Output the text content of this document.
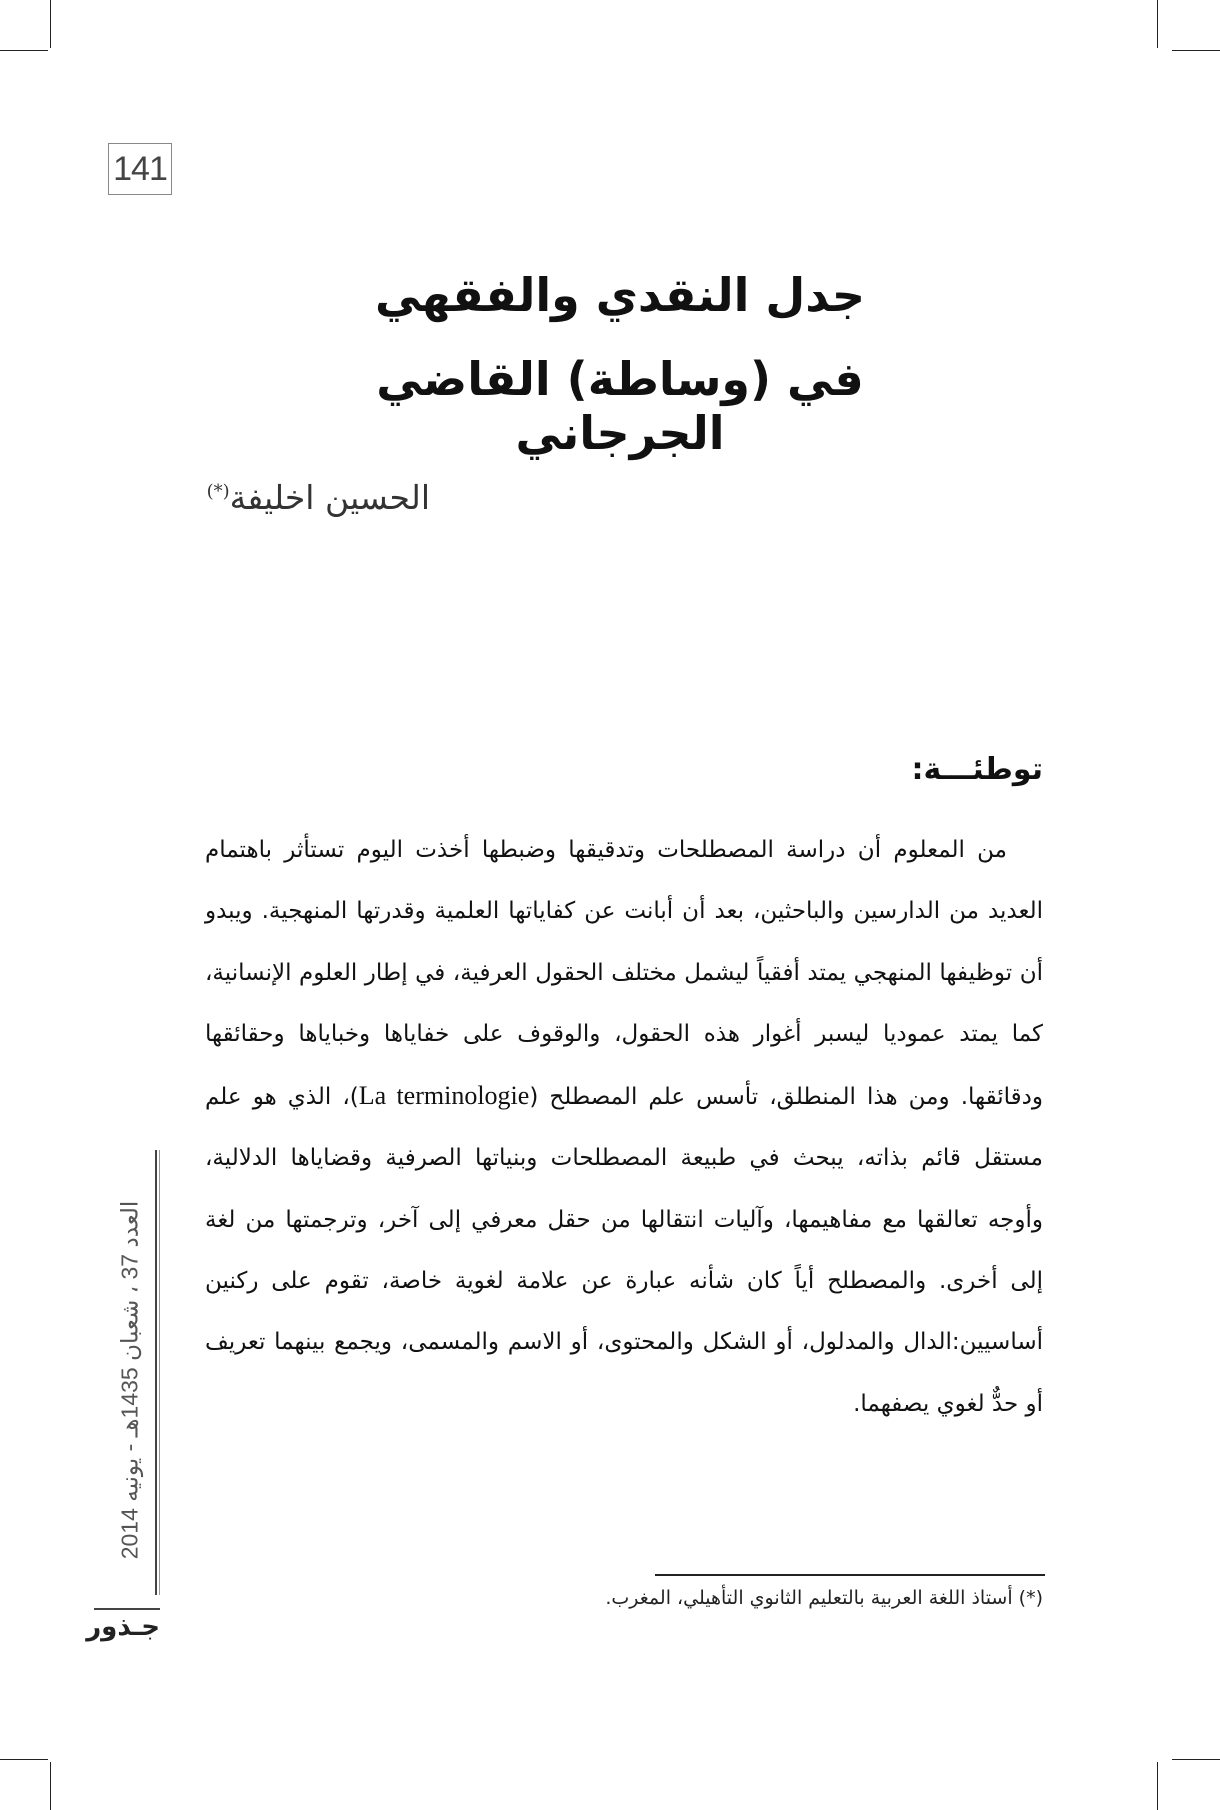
141
جدل النقدي والفقهي
في (وساطة) القاضي الجرجاني
الحسين اخليفة(*)
توطئـــة:

من المعلوم أن دراسة المصطلحات وتدقيقها وضبطها أخذت اليوم تستأثر باهتمام العديد من الدارسين والباحثين، بعد أن أبانت عن كفاياتها العلمية وقدرتها المنهجية. ويبدو أن توظيفها المنهجي يمتد أفقياً ليشمل مختلف الحقول العرفية، في إطار العلوم الإنسانية، كما يمتد عموديا ليسبر أغوار هذه الحقول، والوقوف على خفاياها وخباياها وحقائقها ودقائقها. ومن هذا المنطلق، تأسس علم المصطلح (La terminologie)، الذي هو علم مستقل قائم بذاته، يبحث في طبيعة المصطلحات وبنياتها الصرفية وقضاياها الدلالية، وأوجه تعالقها مع مفاهيمها، وآليات انتقالها من حقل معرفي إلى آخر، وترجمتها من لغة إلى أخرى. والمصطلح أياً كان شأنه عبارة عن علامة لغوية خاصة، تقوم على ركنين أساسيين:الدال والمدلول، أو الشكل والمحتوى، أو الاسم والمسمى، ويجمع بينهما تعريف أو حدٌّ لغوي يصفهما.

(*) أستاذ اللغة العربية بالتعليم الثانوي التأهيلي، المغرب.
العدد 37 ، شعبان 1435هـ - يونيه 2014
جـذور
